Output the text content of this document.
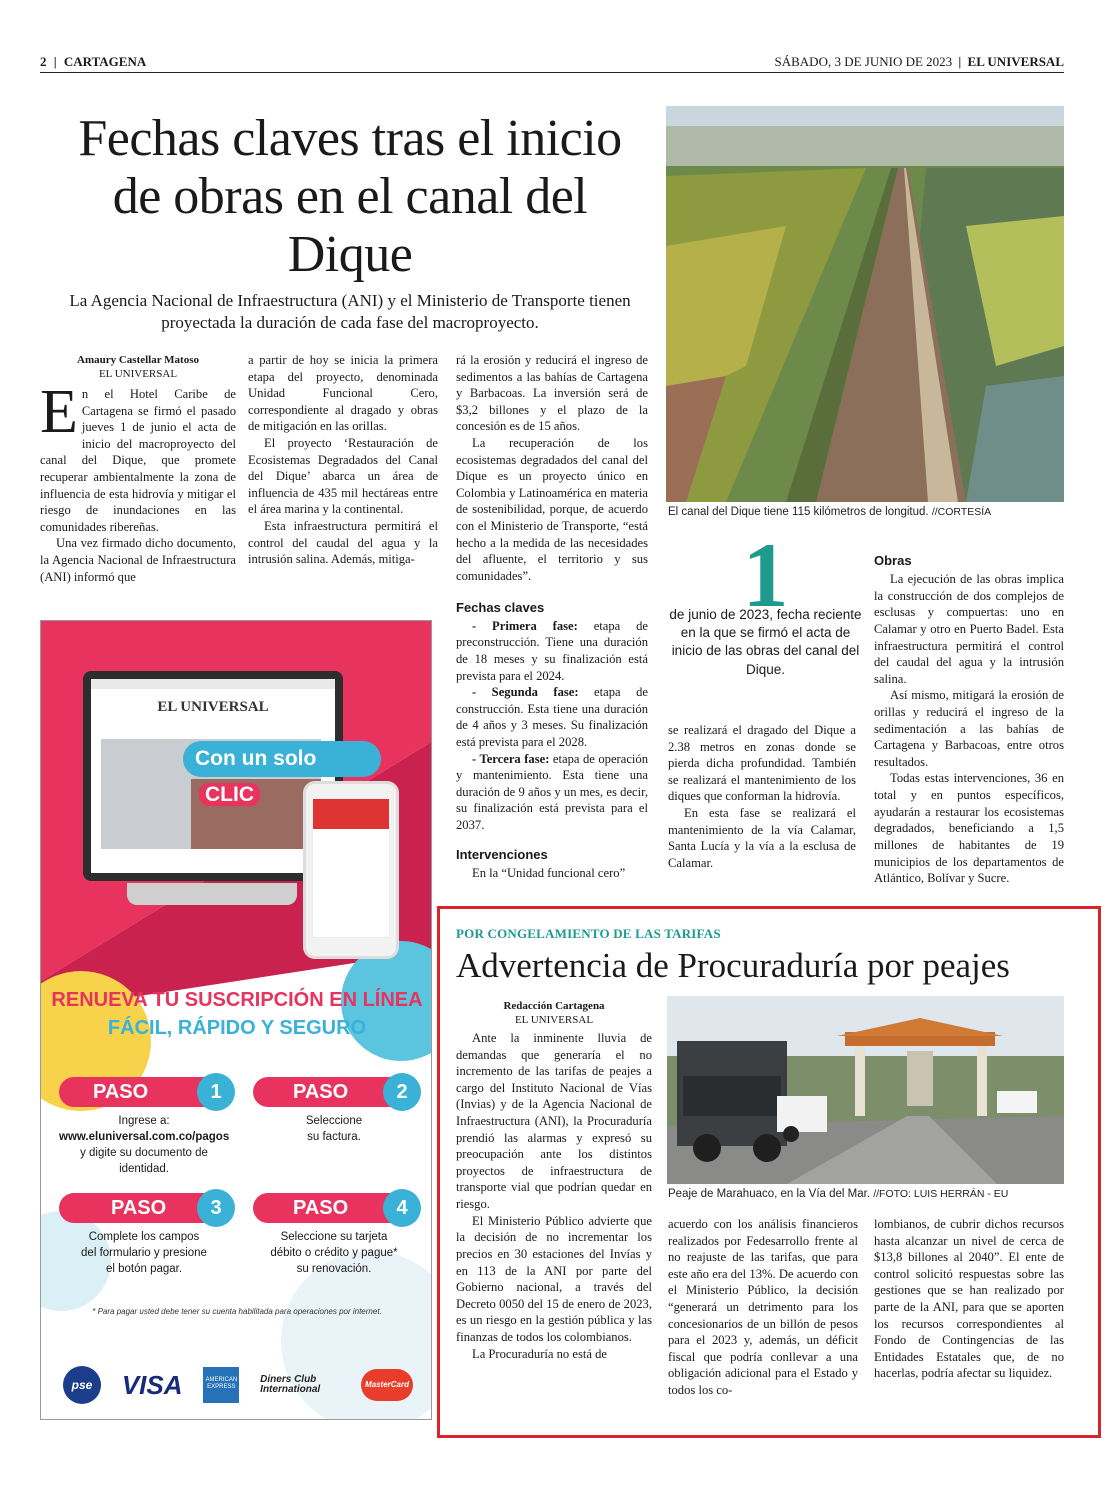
2 | CARTAGENA	SÁBADO, 3 DE JUNIO DE 2023 | EL UNIVERSAL
Fechas claves tras el inicio de obras en el canal del Dique
La Agencia Nacional de Infraestructura (ANI) y el Ministerio de Transporte tienen proyectada la duración de cada fase del macroproyecto.
Amaury Castellar Matoso
EL UNIVERSAL

En el Hotel Caribe de Cartagena se firmó el pasado jueves 1 de junio el acta de inicio del macroproyecto del canal del Dique, que promete recuperar ambientalmente la zona de influencia de esta hidrovía y mitigar el riesgo de inundaciones en las comunidades ribereñas.

Una vez firmado dicho documento, la Agencia Nacional de Infraestructura (ANI) informó que

a partir de hoy se inicia la primera etapa del proyecto, denominada Unidad Funcional Cero, correspondiente al dragado y obras de mitigación en las orillas.

El proyecto ‘Restauración de Ecosistemas Degradados del Canal del Dique’ abarca un área de influencia de 435 mil hectáreas entre el área marina y la continental.

Esta infraestructura permitirá el control del caudal del agua y la intrusión salina. Además, mitiga-

rá la erosión y reducirá el ingreso de sedimentos a las bahías de Cartagena y Barbacoas. La inversión será de $3,2 billones y el plazo de la concesión es de 15 años.

La recuperación de los ecosistemas degradados del canal del Dique es un proyecto único en Colombia y Latinoamérica en materia de sostenibilidad, porque, de acuerdo con el Ministerio de Transporte, “está hecho a la medida de las necesidades del afluente, el territorio y sus comunidades”.

Fechas claves

- Primera fase: etapa de preconstrucción. Tiene una duración de 18 meses y su finalización está prevista para el 2024.

- Segunda fase: etapa de construcción. Esta tiene una duración de 4 años y 3 meses. Su finalización está prevista para el 2028.

- Tercera fase: etapa de operación y mantenimiento. Esta tiene una duración de 9 años y un mes, es decir, su finalización está prevista para el 2037.

Intervenciones

En la “Unidad funcional cero”

El canal del Dique tiene 115 kilómetros de longitud. //CORTESÍA
1
de junio de 2023, fecha reciente en la que se firmó el acta de inicio de las obras del canal del Dique.

se realizará el dragado del Dique a 2.38 metros en zonas donde se pierda dicha profundidad. También se realizará el mantenimiento de los diques que conforman la hidrovía.

En esta fase se realizará el mantenimiento de la vía Calamar, Santa Lucía y la vía a la esclusa de Calamar.

Obras

La ejecución de las obras implica la construcción de dos complejos de esclusas y compuertas: uno en Calamar y otro en Puerto Badel. Esta infraestructura permitirá el control del caudal del agua y la intrusión salina.

Así mismo, mitigará la erosión de orillas y reducirá el ingreso de la sedimentación a las bahías de Cartagena y Barbacoas, entre otros resultados.

Todas estas intervenciones, 36 en total y en puntos específicos, ayudarán a restaurar los ecosistemas degradados, beneficiando a 1,5 millones de habitantes de 19 municipios de los departamentos de Atlántico, Bolívar y Sucre.

EL UNIVERSAL
Con un solo CLIC
RENUEVA TU SUSCRIPCIÓN EN LÍNEA
FÁCIL, RÁPIDO Y SEGURO
PASO	1
Ingrese a:
www.eluniversal.com.co/pagos
y digite su documento de identidad.
PASO	2
Seleccione
su factura.
PASO	3
Complete los campos
del formulario y presione
el botón pagar.
PASO	4
Seleccione su tarjeta
débito o crédito y pague*
su renovación.
* Para pagar usted debe tener su cuenta habilitada para operaciones por internet.
pse	VISA	AMERICAN EXPRESS
Diners Club International	MasterCard
POR CONGELAMIENTO DE LAS TARIFAS
Advertencia de Procuraduría por peajes
Redacción Cartagena
EL UNIVERSAL

Ante la inminente lluvia de demandas que generaría el no incremento de las tarifas de peajes a cargo del Instituto Nacional de Vías (Invias) y de la Agencia Nacional de Infraestructura (ANI), la Procuraduría prendió las alarmas y expresó su preocupación ante los distintos proyectos de infraestructura de transporte vial que podrían quedar en riesgo.

El Ministerio Público advierte que la decisión de no incrementar los precios en 30 estaciones del Invías y en 113 de la ANI por parte del Gobierno nacional, a través del Decreto 0050 del 15 de enero de 2023, es un riesgo en la gestión pública y las finanzas de todos los colombianos.

La Procuraduría no está de

Peaje de Marahuaco, en la Vía del Mar. //FOTO: LUIS HERRÁN - EU

acuerdo con los análisis financieros realizados por Fedesarrollo frente al no reajuste de las tarifas, que para este año era del 13%. De acuerdo con el Ministerio Público, la decisión “generará un detrimento para los concesionarios de un billón de pesos para el 2023 y, además, un déficit fiscal que podría conllevar a una obligación adicional para el Estado y todos los co-

lombianos, de cubrir dichos recursos hasta alcanzar un nivel de cerca de $13,8 billones al 2040”. El ente de control solicitó respuestas sobre las gestiones que se han realizado por parte de la ANI, para que se aporten los recursos correspondientes al Fondo de Contingencias de las Entidades Estatales que, de no hacerlas, podría afectar su liquidez.
